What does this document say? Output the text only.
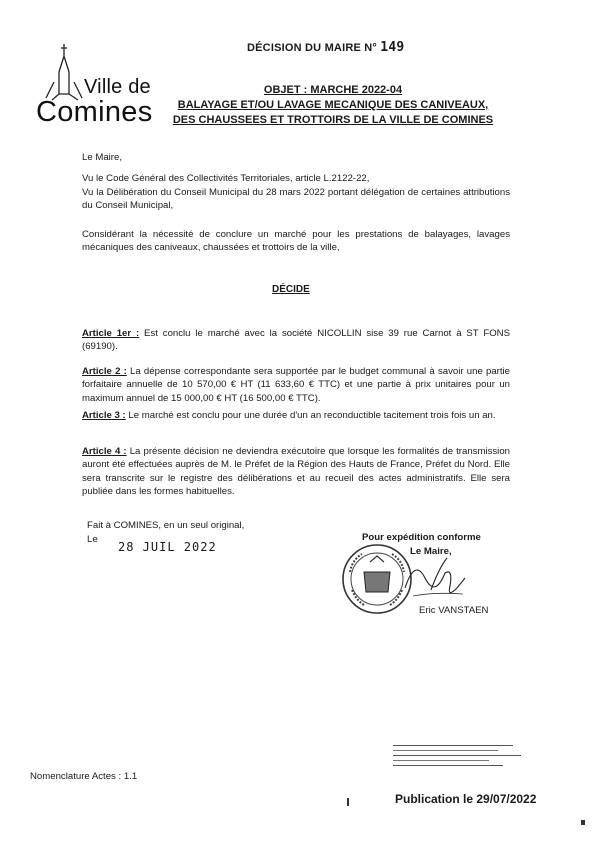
Ville de
Comines
DÉCISION DU MAIRE N° 149
OBJET : MARCHE 2022-04
BALAYAGE ET/OU LAVAGE MECANIQUE DES CANIVEAUX,
DES CHAUSSEES ET TROTTOIRS DE LA VILLE DE COMINES
Le Maire,
Vu le Code Général des Collectivités Territoriales, article L.2122-22,
Vu la Délibération du Conseil Municipal du 28 mars 2022 portant délégation de certaines attributions du Conseil Municipal,
Considérant la nécessité de conclure un marché pour les prestations de balayages, lavages mécaniques des caniveaux, chaussées et trottoirs de la ville,
DÉCIDE
Article 1er : Est conclu le marché avec la société NICOLLIN sise 39 rue Carnot à ST FONS (69190).
Article 2 : La dépense correspondante sera supportée par le budget communal à savoir une partie forfaitaire annuelle de 10 570,00 € HT (11 633,60 € TTC) et une partie à prix unitaires pour un maximum annuel de 15 000,00 € HT (16 500,00 € TTC).
Article 3 : Le marché est conclu pour une durée d'un an reconductible tacitement trois fois un an.
Article 4 : La présente décision ne deviendra exécutoire que lorsque les formalités de transmission auront été effectuées auprès de M. le Préfet de la Région des Hauts de France, Préfet du Nord. Elle sera transcrite sur le registre des délibérations et au recueil des actes administratifs. Elle sera publiée dans les formes habituelles.
Fait à COMINES, en un seul original,
Le
28 JUIL 2022
Pour expédition conforme
Le Maire,
Eric VANSTAEN
Nomenclature Actes : 1.1
Publication le 29/07/2022
